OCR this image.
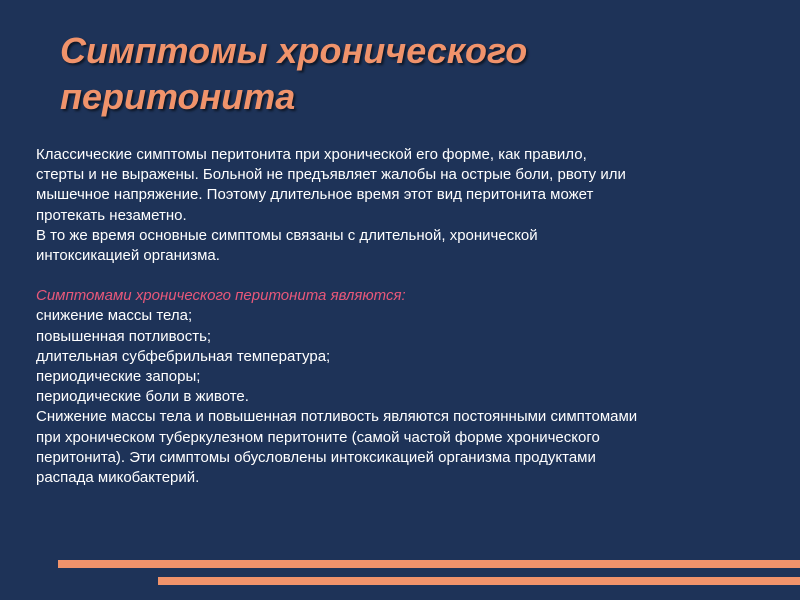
Симптомы хронического
перитонита

Классические симптомы перитонита при хронической его форме, как правило,

стерты и не выражены. Больной не предъявляет жалобы на острые боли, рвоту или

мышечное напряжение. Поэтому длительное время этот вид перитонита может

протекать незаметно.

В то же время основные симптомы связаны с длительной, хронической

интоксикацией организма.

Симптомами хронического перитонита являются:

снижение массы тела;

повышенная потливость;

длительная субфебрильная температура;

периодические запоры;

периодические боли в животе.

Снижение массы тела и повышенная потливость являются постоянными симптомами

при хроническом туберкулезном перитоните (самой частой форме хронического

перитонита). Эти симптомы обусловлены интоксикацией организма продуктами

распада микобактерий.
